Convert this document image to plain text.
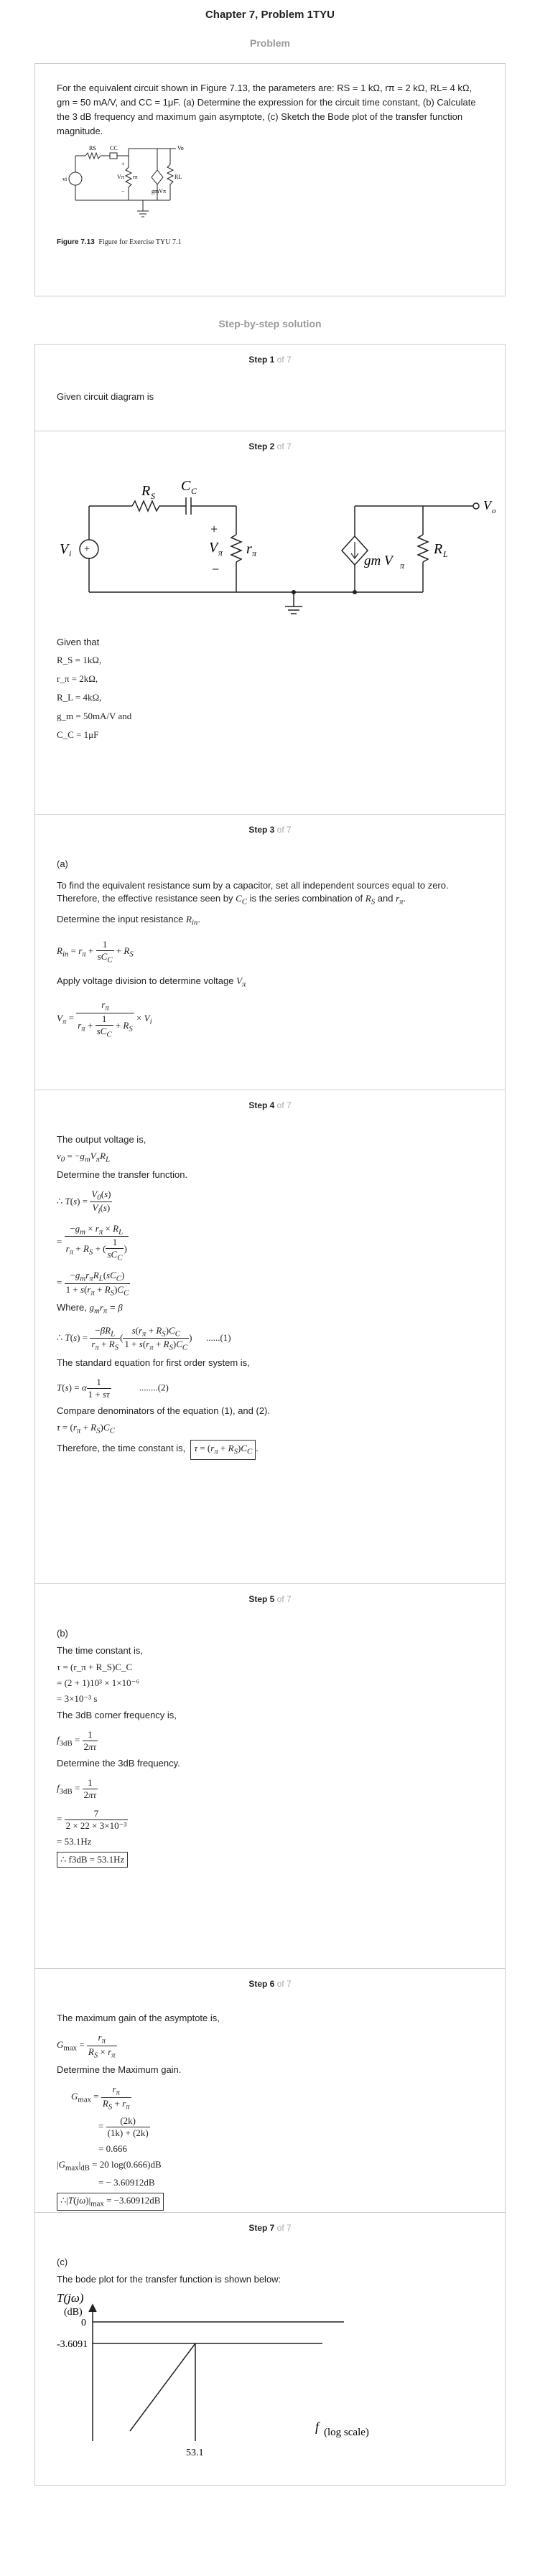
Chapter 7, Problem 1TYU
Problem
For the equivalent circuit shown in Figure 7.13, the parameters are: RS = 1 kΩ, rπ = 2 kΩ, RL= 4 kΩ, gm = 50 mA/V, and CC = 1μF. (a) Determine the expression for the circuit time constant, (b) Calculate the 3 dB frequency and maximum gain asymptote, (c) Sketch the Bode plot of the transfer function magnitude.
RS CC	Vo
vi	rπ
gmVπ
RL
+
Vπ
−
Figure 7.13 Figure for Exercise TYU 7.1
Step-by-step solution
Step 1 of 7
Given circuit diagram is
Step 2 of 7
+
−
R S
C C
V i
+
V π
−
r π	gm V π
R L
V o
Given that
R_S = 1kΩ,
r_π = 2kΩ,
R_L = 4kΩ,
g_m = 50mA/V and
C_C = 1μF
Step 3 of 7
(a)
To find the equivalent resistance sum by a capacitor, set all independent sources equal to zero. Therefore, the effective resistance seen by $C_C$ is the series combination of $R_S$ and $r_\pi$.
Determine the input resistance $R_{in}$.
$R_{in} = r_\pi + \frac{1}{sC_C} + R_S$
Apply voltage division to determine voltage $V_\pi$
$V_\pi = \frac{r_\pi}{r_\pi + \frac{1}{sC_C} + R_S} \times V_i$
Step 4 of 7
The output voltage is,
$v_0 = -g_mV_\pi R_L$
Determine the transfer function.
∴ $T(s) = \frac{V_0(s)}{V_i(s)}$
= $\frac{-g_m \times r_\pi \times R_L}{r_\pi + R_S + ( \frac{1}{sC_C} )}$
= $\frac{-g_mr_\pi R_L(sC_C)}{1 + s(r_\pi + R_S)C_C}$
Where, $g_mr_\pi = \beta$
∴ $T(s) = \frac{-\beta R_L}{r_\pi + R_S}$ ( $\frac{s(r_\pi + R_S)C_C}{1 + s(r_\pi + R_S)C_C}$ )      ......(1)
The standard equation for first order system is,
T(s) = α $\frac{1}{1 + s\tau}$	........(2)
Compare denominators of the equation (1), and (2).
$\tau = (r_\pi + R_S)C_C$
Therefore, the time constant is, $\tau = (r_\pi + R_S)C_C$ .
Step 5 of 7
(b)
The time constant is,
τ = (r_π + R_S)C_C
= (2 + 1)10³ × 1×10⁻⁶
= 3×10⁻³ s
The 3dB corner frequency is,
$f_{3dB} = \frac{1}{2\pi\tau}$
Determine the 3dB frequency.
$f_{3dB} = \frac{1}{2\pi\tau}$
= $\frac{7}{\text{2 × 22 × 3×10⁻³}}$
= 53.1Hz
∴ f3dB = 53.1Hz
Step 6 of 7
The maximum gain of the asymptote is,
$G_{max} = \frac{r_\pi}{R_S \times r_\pi}$
Determine the Maximum gain.
$G_{max} = \frac{r_\pi}{R_S + r_\pi}$
= $\frac{(2k)}{(1k) + (2k)}$
= 0.666
$|G_{max}|_{dB} = 20$ log(0.666)dB
= − 3.60912dB
$\therefore|T(j\omega)|_{max} = -3.60912dB$
Step 7 of 7
(c)
The bode plot for the transfer function is shown below:
T(jω)
(dB)
0
-3.6091
f (log scale)
53.1
